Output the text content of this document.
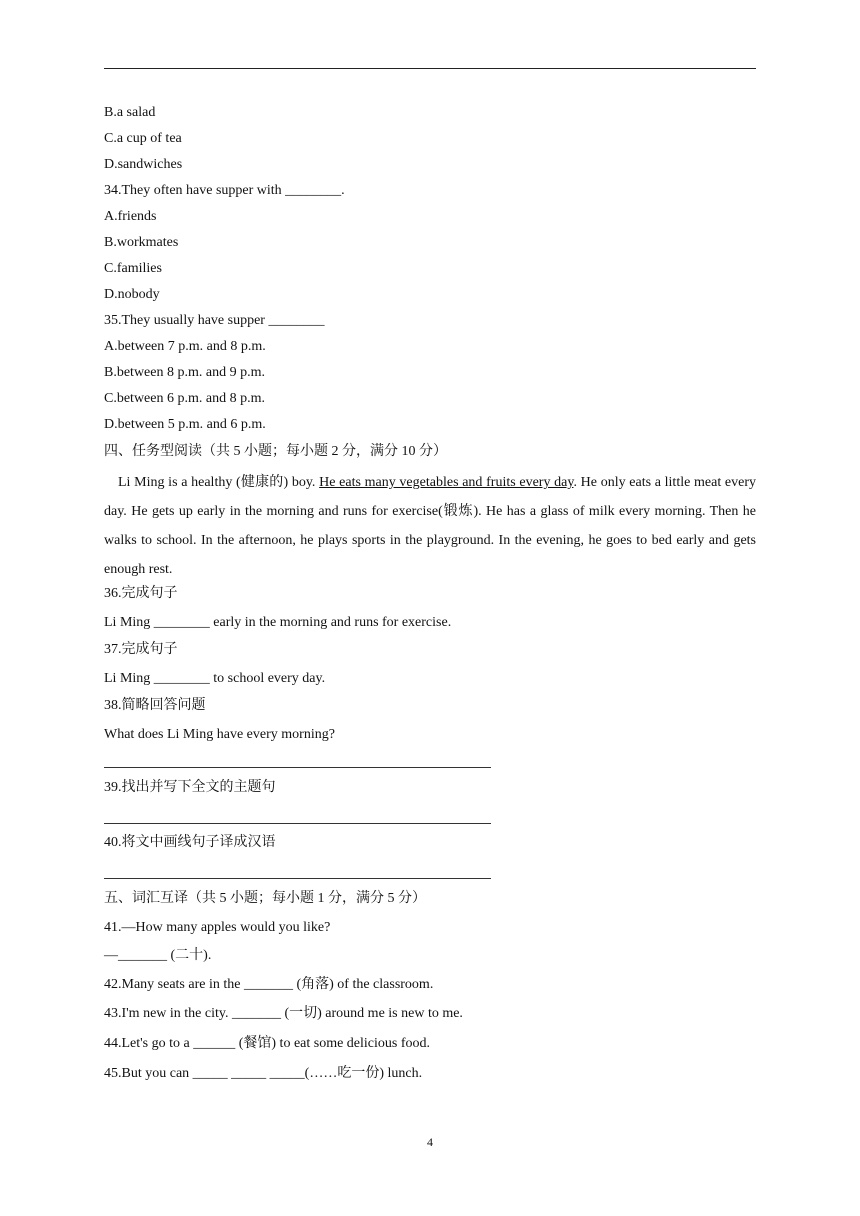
B.a salad
C.a cup of tea
D.sandwiches
34.They often have supper with ________.
A.friends
B.workmates
C.families
D.nobody
35.They usually have supper ________
A.between 7 p.m. and 8 p.m.
B.between 8 p.m. and 9 p.m.
C.between 6 p.m. and 8 p.m.
D.between 5 p.m. and 6 p.m.
四、任务型阅读（共 5 小题；每小题 2 分，满分 10 分）
Li Ming is a healthy (健康的) boy. He eats many vegetables and fruits every day. He only eats a little meat every day. He gets up early in the morning and runs for exercise(锻炼). He has a glass of milk every morning. Then he walks to school. In the afternoon, he plays sports in the playground. In the evening, he goes to bed early and gets enough rest.
36.完成句子
Li Ming ________ early in the morning and runs for exercise.
37.完成句子
Li Ming ________ to school every day.
38.简略回答问题
What does Li Ming have every morning?
39.找出并写下全文的主题句
40.将文中画线句子译成汉语
五、词汇互译（共 5 小题；每小题 1 分，满分 5 分）
41.—How many apples would you like?
—_______ (二十).
42.Many seats are in the _______ (角落) of the classroom.
43.I'm new in the city. _______ (一切) around me is new to me.
44.Let's go to a ______ (餐馆) to eat some delicious food.
45.But you can _____ _____ _____(……吃一份) lunch.
4
